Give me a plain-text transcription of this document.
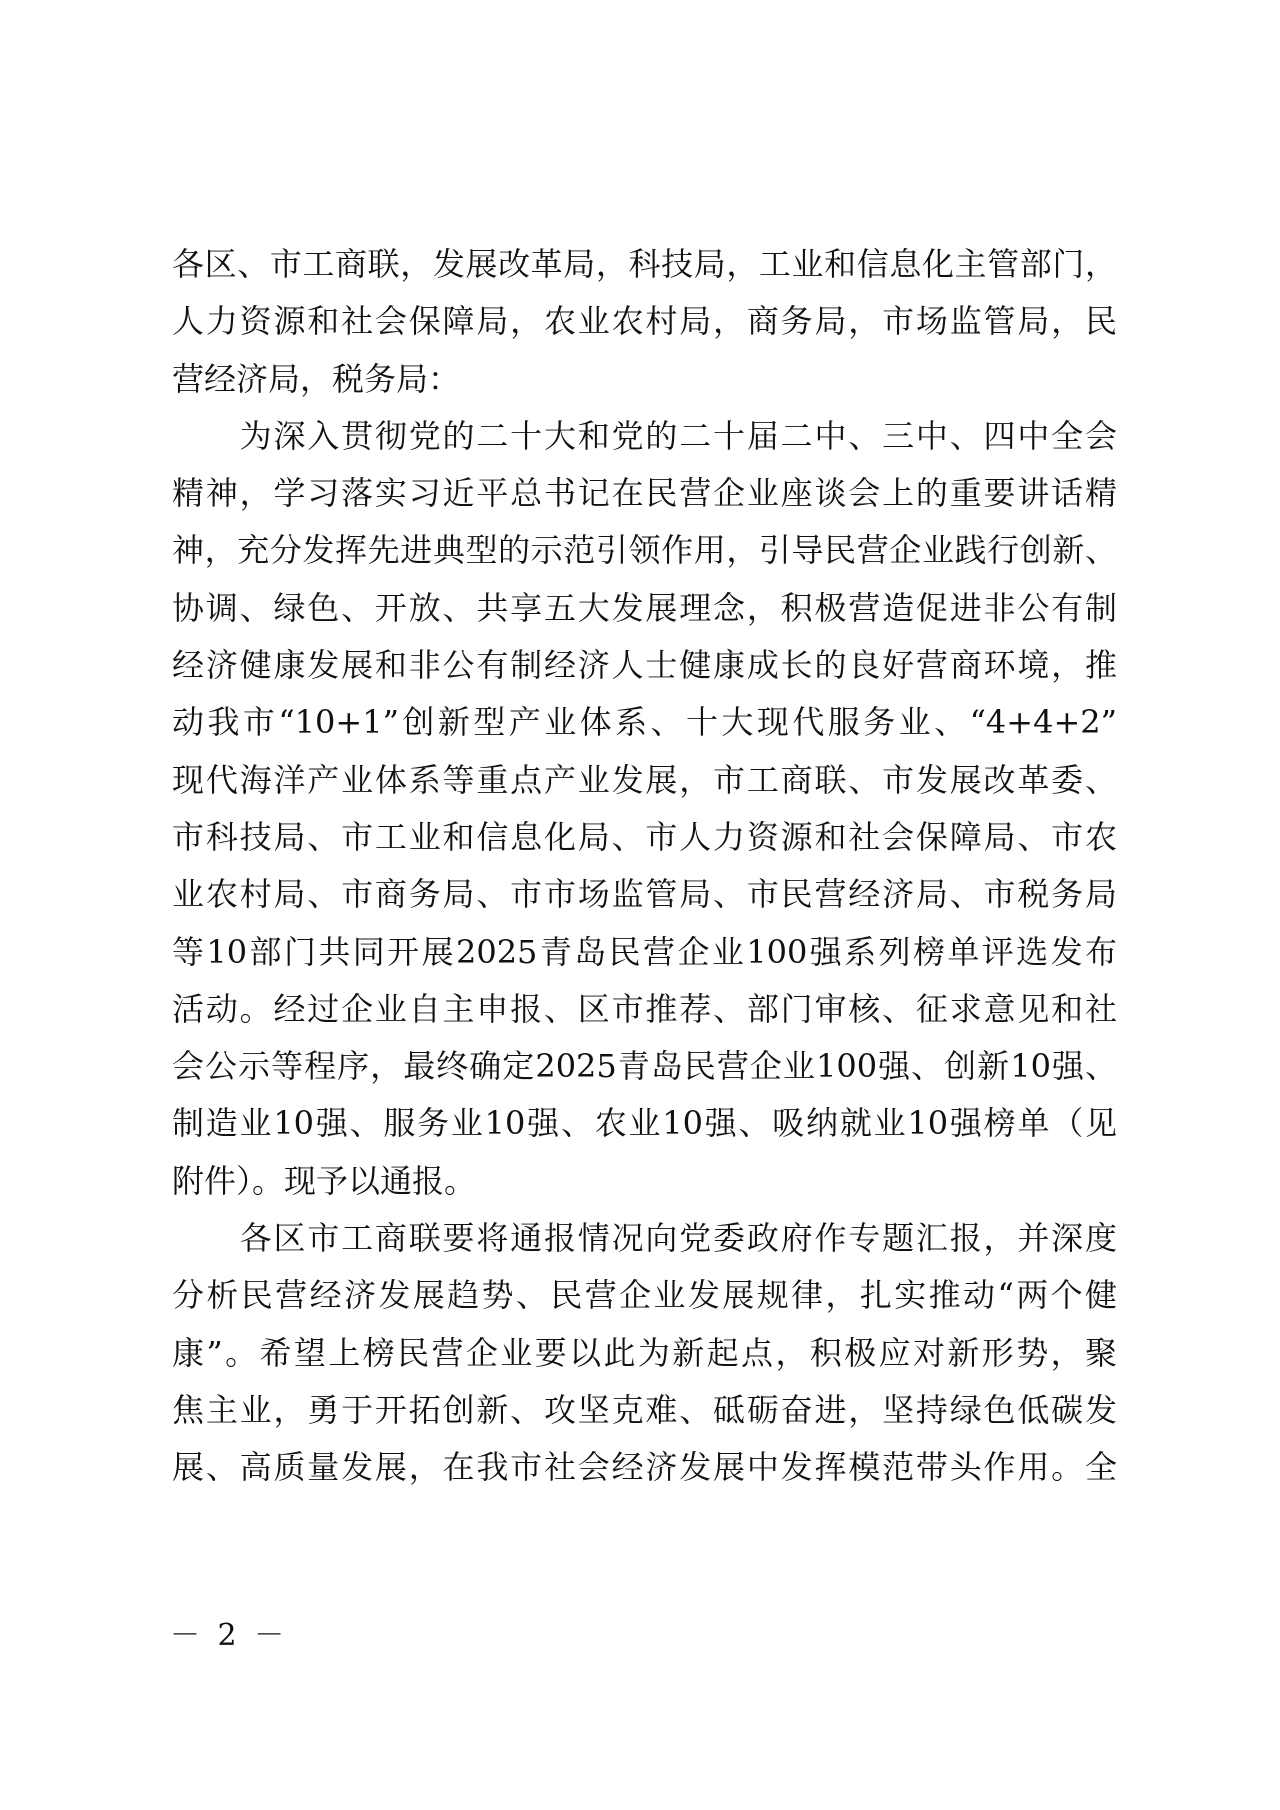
各区、市工商联，发展改革局，科技局，工业和信息化主管部门，
人力资源和社会保障局，农业农村局，商务局，市场监管局，民
营经济局，税务局：
　　为深入贯彻党的二十大和党的二十届二中、三中、四中全会
精神，学习落实习近平总书记在民营企业座谈会上的重要讲话精
神，充分发挥先进典型的示范引领作用，引导民营企业践行创新、
协调、绿色、开放、共享五大发展理念，积极营造促进非公有制
经济健康发展和非公有制经济人士健康成长的良好营商环境，推
动我市“10+1”创新型产业体系、十大现代服务业、“4+4+2”
现代海洋产业体系等重点产业发展，市工商联、市发展改革委、
市科技局、市工业和信息化局、市人力资源和社会保障局、市农
业农村局、市商务局、市市场监管局、市民营经济局、市税务局
等10部门共同开展2025青岛民营企业100强系列榜单评选发布
活动。经过企业自主申报、区市推荐、部门审核、征求意见和社
会公示等程序，最终确定2025青岛民营企业100强、创新10强、
制造业10强、服务业10强、农业10强、吸纳就业10强榜单（见
附件）。现予以通报。
　　各区市工商联要将通报情况向党委政府作专题汇报，并深度
分析民营经济发展趋势、民营企业发展规律，扎实推动“两个健
康”。希望上榜民营企业要以此为新起点，积极应对新形势，聚
焦主业，勇于开拓创新、攻坚克难、砥砺奋进，坚持绿色低碳发
展、高质量发展，在我市社会经济发展中发挥模范带头作用。全
－ 2 －
